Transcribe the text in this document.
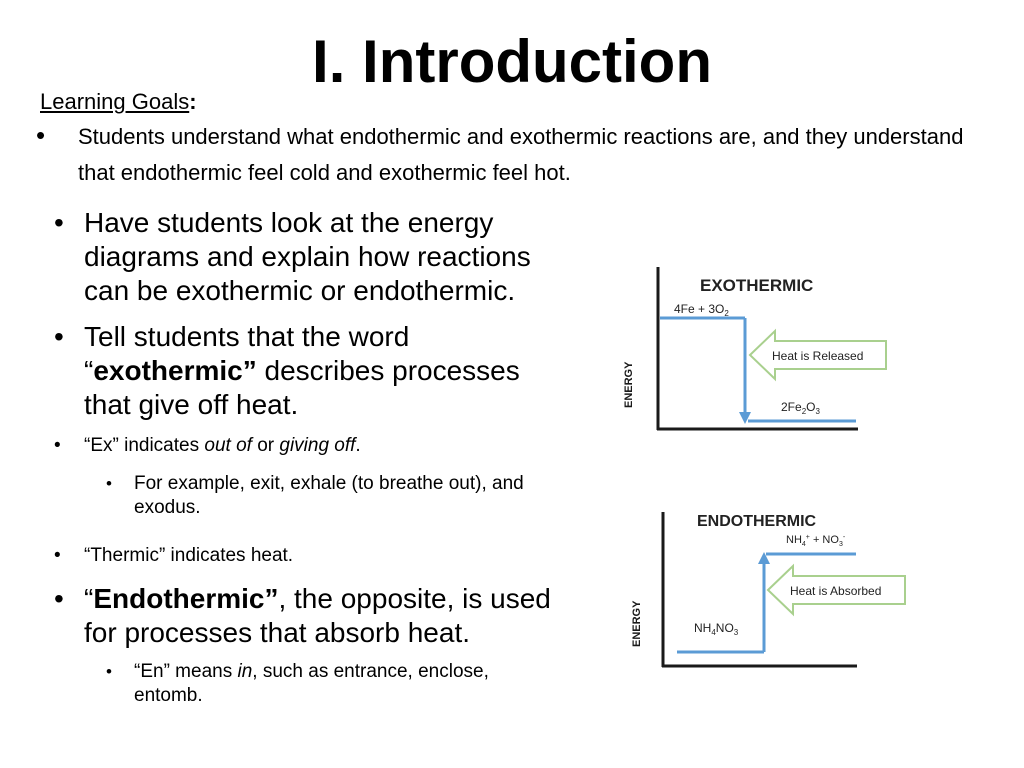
I. Introduction
Learning Goals:
• Students understand what endothermic and exothermic reactions are, and they understand that endothermic feel cold and exothermic feel hot.
• Have students look at the energy diagrams and explain how reactions can be exothermic or endothermic.
• Tell students that the word “exothermic” describes processes that give off heat.
• “Ex” indicates out of or giving off.
• For example, exit, exhale (to breathe out), and exodus.
• “Thermic” indicates heat.
• “Endothermic”, the opposite, is used for processes that absorb heat.
• “En” means in, such as entrance, enclose, entomb.
ENERGY
EXOTHERMIC
$4Fe + 3O_2$
$2Fe_2O_3$
Heat is Released
ENERGY
ENDOTHERMIC
$NH_4NO_3$
$NH_4^+ + NO_3^-$
Heat is Absorbed
